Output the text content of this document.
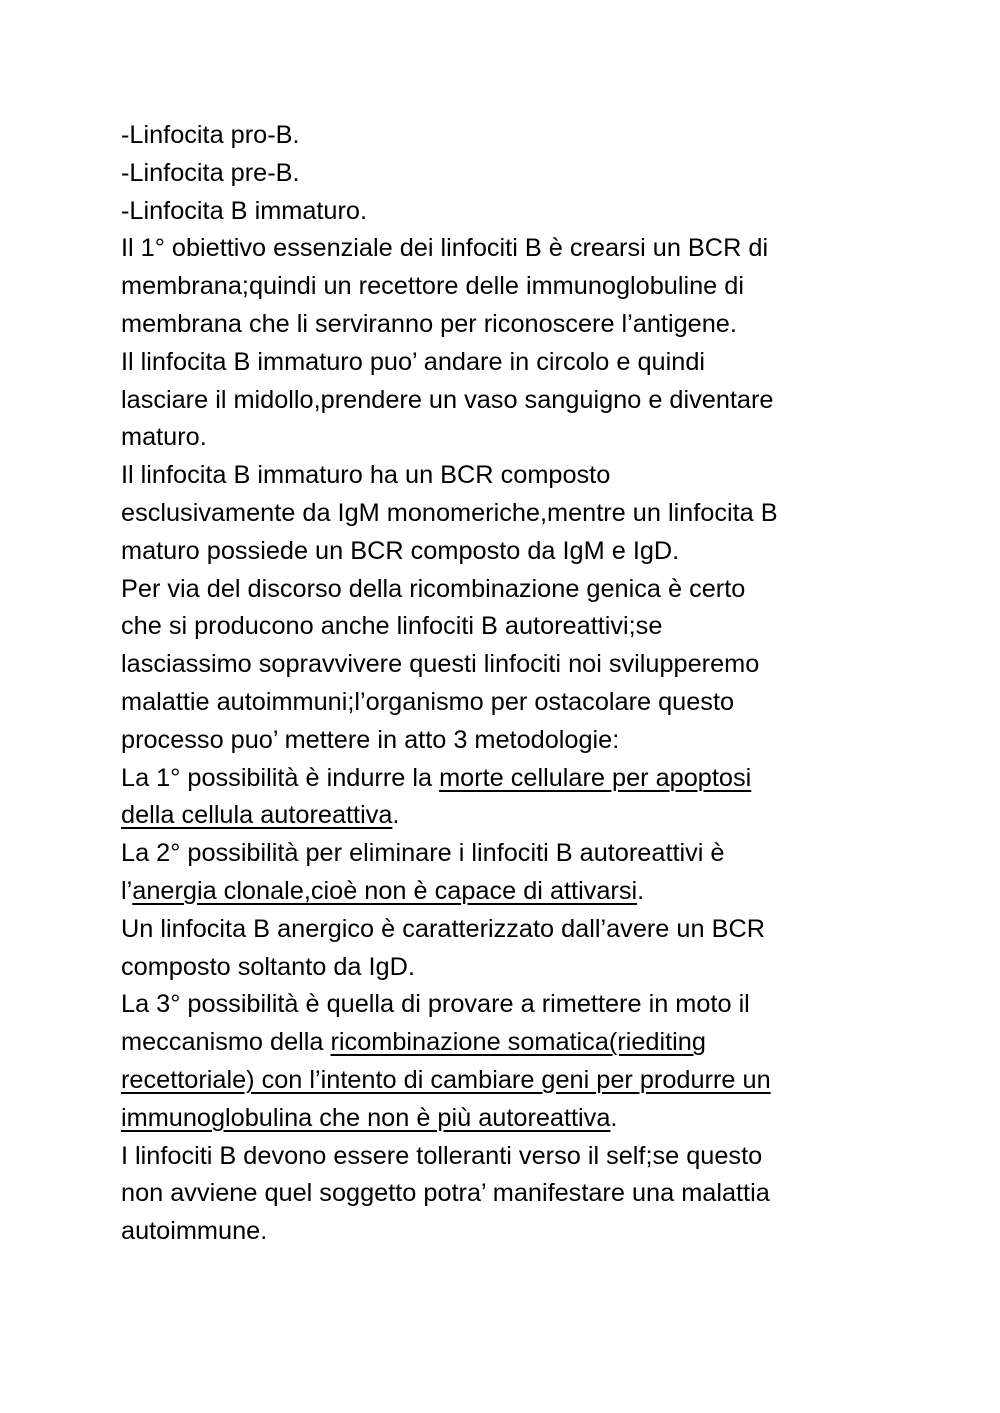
-Linfocita pro-B.
-Linfocita pre-B.
-Linfocita B immaturo.
Il 1° obiettivo essenziale dei linfociti B è crearsi un BCR di
membrana;quindi un recettore delle immunoglobuline di
membrana che li serviranno per riconoscere l’antigene.
Il linfocita B immaturo puo’ andare in circolo e quindi
lasciare il midollo,prendere un vaso sanguigno e diventare
maturo.
Il linfocita B immaturo ha un BCR composto
esclusivamente da IgM monomeriche,mentre un linfocita B
maturo possiede un BCR composto da IgM e IgD.
Per via del discorso della ricombinazione genica è certo
che si producono anche linfociti B autoreattivi;se
lasciassimo sopravvivere questi linfociti noi svilupperemo
malattie autoimmuni;l’organismo per ostacolare questo
processo puo’ mettere in atto 3 metodologie:
La 1° possibilità è indurre la morte cellulare per apoptosi
della cellula autoreattiva.
La 2° possibilità per eliminare i linfociti B autoreattivi è
l’anergia clonale,cioè non è capace di attivarsi.
Un linfocita B anergico è caratterizzato dall’avere un BCR
composto soltanto da IgD.
La 3° possibilità è quella di provare a rimettere in moto il
meccanismo della ricombinazione somatica(riediting
recettoriale) con l’intento di cambiare geni per produrre un
immunoglobulina che non è più autoreattiva.
I linfociti B devono essere tolleranti verso il self;se questo
non avviene quel soggetto potra’ manifestare una malattia
autoimmune.
